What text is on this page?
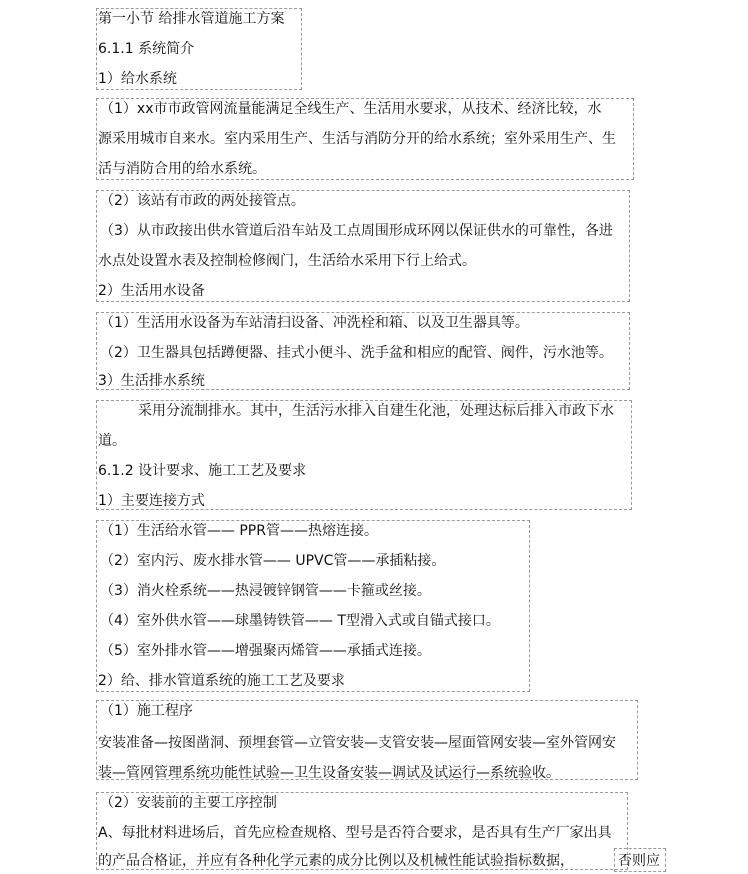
第一小节 给排水管道施工方案
6.1.1 系统简介
1）给水系统
（1）xx市市政管网流量能满足全线生产、生活用水要求，从技术、经济比较，水
源采用城市自来水。室内采用生产、生活与消防分开的给水系统；室外采用生产、生
活与消防合用的给水系统。
（2）该站有市政的两处接管点。
（3）从市政接出供水管道后沿车站及工点周围形成环网以保证供水的可靠性，各进
水点处设置水表及控制检修阀门，生活给水采用下行上给式。
2）生活用水设备
（1）生活用水设备为车站清扫设备、冲洗栓和箱、以及卫生器具等。
（2）卫生器具包括蹲便器、挂式小便斗、洗手盆和相应的配管、阀件，污水池等。
3）生活排水系统
采用分流制排水。其中，生活污水排入自建生化池，处理达标后排入市政下水
道。
6.1.2 设计要求、施工工艺及要求
1）主要连接方式
（1）生活给水管—— PPR管——热熔连接。
（2）室内污、废水排水管—— UPVC管——承插粘接。
（3）消火栓系统——热浸镀锌钢管——卡箍或丝接。
（4）室外供水管——球墨铸铁管—— T型滑入式或自锚式接口。
（5）室外排水管——增强聚丙烯管——承插式连接。
2）给、排水管道系统的施工工艺及要求
（1）施工程序
安装准备—按图凿洞、预埋套管—立管安装—支管安装—屋面管网安装—室外管网安
装—管网管理系统功能性试验—卫生设备安装—调试及试运行—系统验收。
（2）安装前的主要工序控制
A、每批材料进场后，首先应检查规格、型号是否符合要求，是否具有生产厂家出具
的产品合格证，并应有各种化学元素的成分比例以及机械性能试验指标数据，	否则应
